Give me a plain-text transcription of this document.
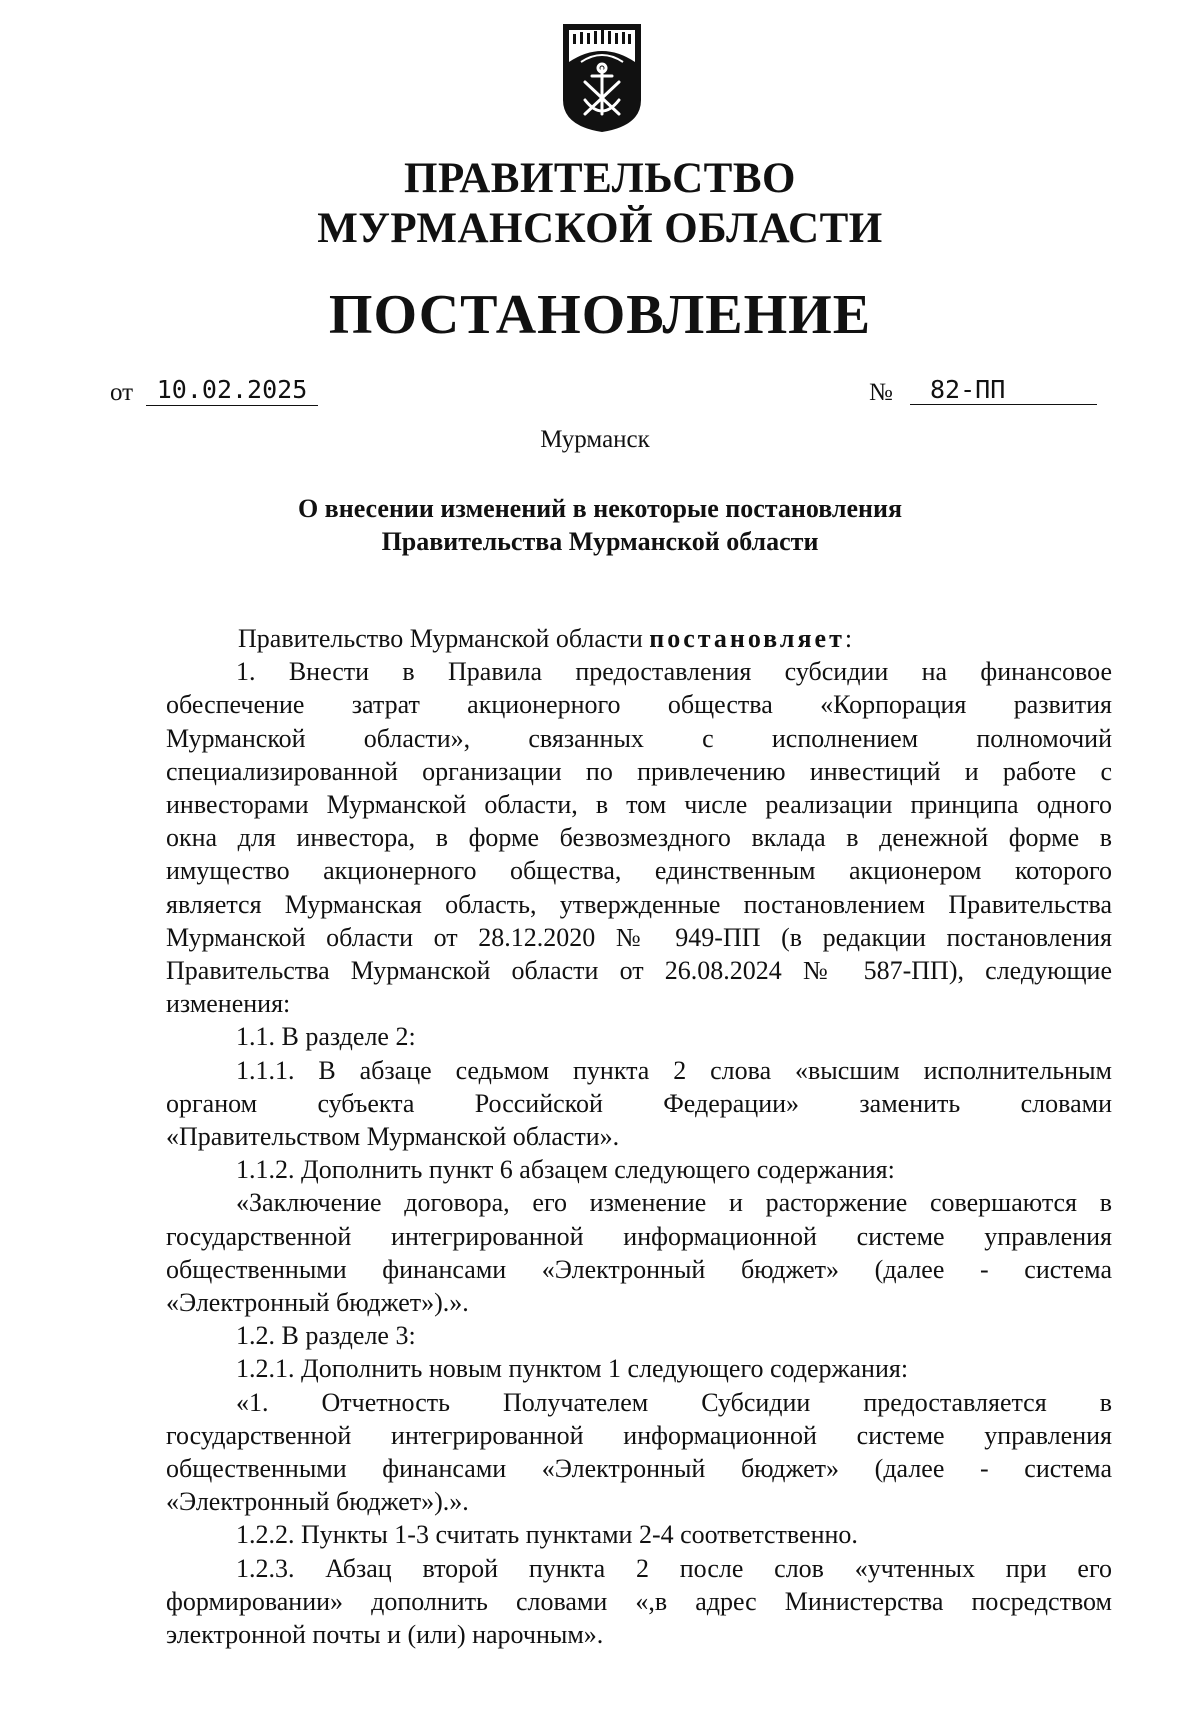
ПРАВИТЕЛЬСТВО
МУРМАНСКОЙ ОБЛАСТИ
ПОСТАНОВЛЕНИЕ
от 10.02.2025	№	82-ПП
Мурманск
О внесении изменений в некоторые постановления
Правительства Мурманской области

Правительство Мурманской области постановляет:

1. Внести в Правила предоставления субсидии на финансовое

обеспечение затрат акционерного общества «Корпорация развития

Мурманской области», связанных с исполнением полномочий

специализированной организации по привлечению инвестиций и работе с

инвесторами Мурманской области, в том числе реализации принципа одного

окна для инвестора, в форме безвозмездного вклада в денежной форме в

имущество акционерного общества, единственным акционером которого

является Мурманская область, утвержденные постановлением Правительства

Мурманской области от 28.12.2020 № 949-ПП (в редакции постановления

Правительства Мурманской области от 26.08.2024 № 587-ПП), следующие

изменения:

1.1. В разделе 2:

1.1.1. В абзаце седьмом пункта 2 слова «высшим исполнительным

органом субъекта Российской Федерации» заменить словами

«Правительством Мурманской области».

1.1.2. Дополнить пункт 6 абзацем следующего содержания:

«Заключение договора, его изменение и расторжение совершаются в

государственной интегрированной информационной системе управления

общественными финансами «Электронный бюджет» (далее - система

«Электронный бюджет»).».

1.2. В разделе 3:

1.2.1. Дополнить новым пунктом 1 следующего содержания:

«1. Отчетность Получателем Субсидии предоставляется в

государственной интегрированной информационной системе управления

общественными финансами «Электронный бюджет» (далее - система

«Электронный бюджет»).».

1.2.2. Пункты 1-3 считать пунктами 2-4 соответственно.

1.2.3. Абзац второй пункта 2 после слов «учтенных при его

формировании» дополнить словами «,в адрес Министерства посредством

электронной почты и (или) нарочным».
